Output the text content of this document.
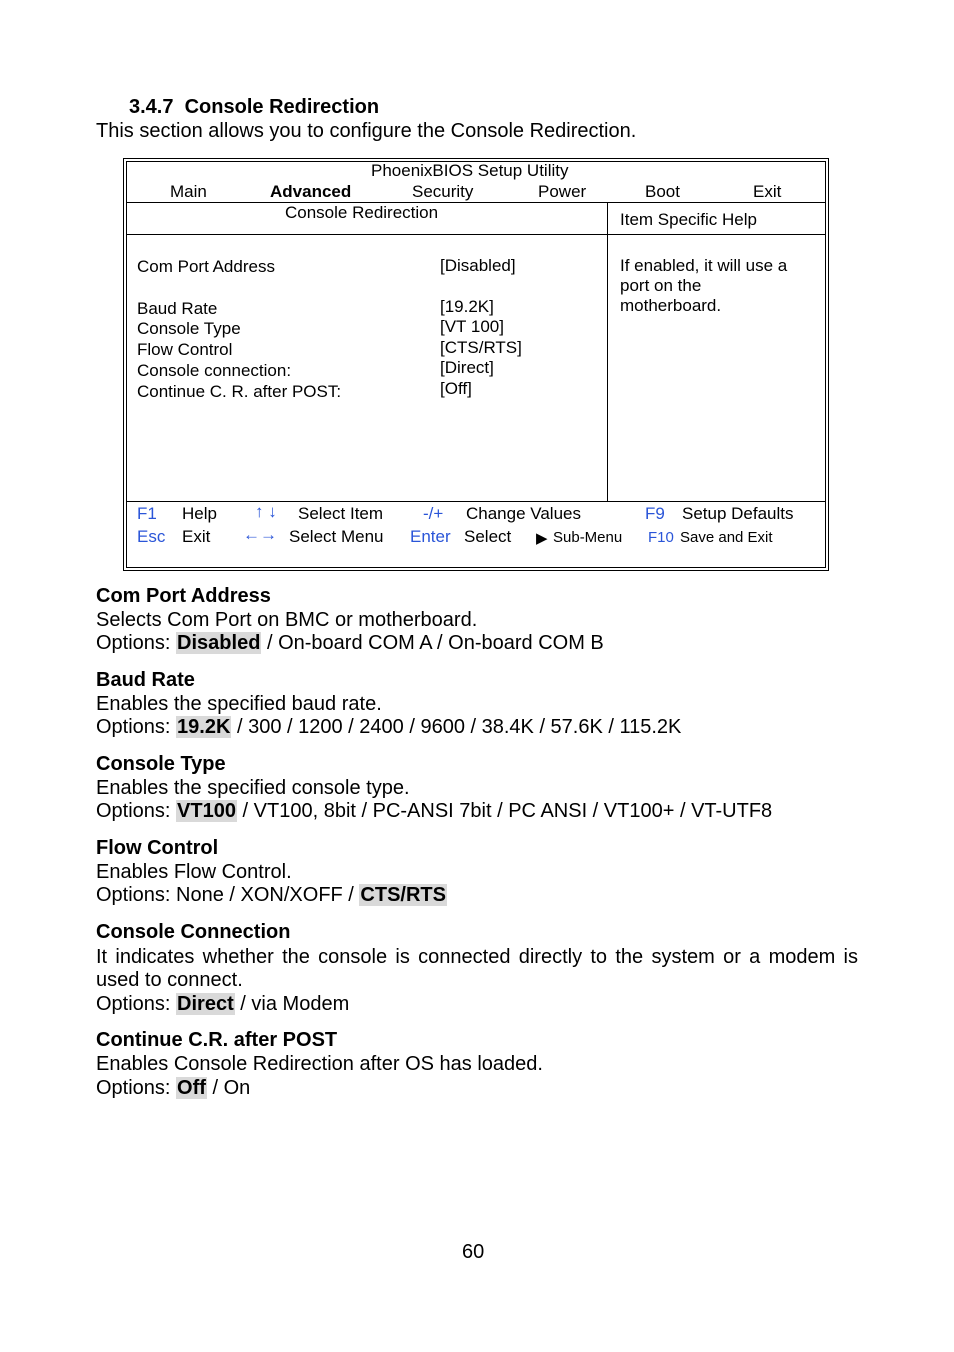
3.4.7 Console Redirection
This section allows you to configure the Console Redirection.
PhoenixBIOS Setup Utility
Main	Advanced	Security	Power	Boot	Exit
Console Redirection	Item Specific Help
Com Port Address	[Disabled]
Baud Rate	[19.2K]
Console Type	[VT 100]
Flow Control	[CTS/RTS]
Console connection:	[Direct]
Continue C. R. after POST:	[Off]
If enabled, it will use a
port on the
motherboard.
F1 Help ↑ ↓ Select Item -/+ Change Values	F9 Setup Defaults
Esc Exit ←→ Select Menu Enter Select ▶ Sub-Menu F10 Save and Exit
Com Port Address
Selects Com Port on BMC or motherboard.
Options: Disabled / On-board COM A / On-board COM B
Baud Rate
Enables the specified baud rate.
Options: 19.2K / 300 / 1200 / 2400 / 9600 / 38.4K / 57.6K / 115.2K
Console Type
Enables the specified console type.
Options: VT100 / VT100, 8bit / PC-ANSI 7bit / PC ANSI / VT100+ / VT-UTF8
Flow Control
Enables Flow Control.
Options: None / XON/XOFF / CTS/RTS
Console Connection
It indicates whether the console is connected directly to the system or a modem is
used to connect.
Options: Direct / via Modem
Continue C.R. after POST
Enables Console Redirection after OS has loaded.
Options: Off / On
60
